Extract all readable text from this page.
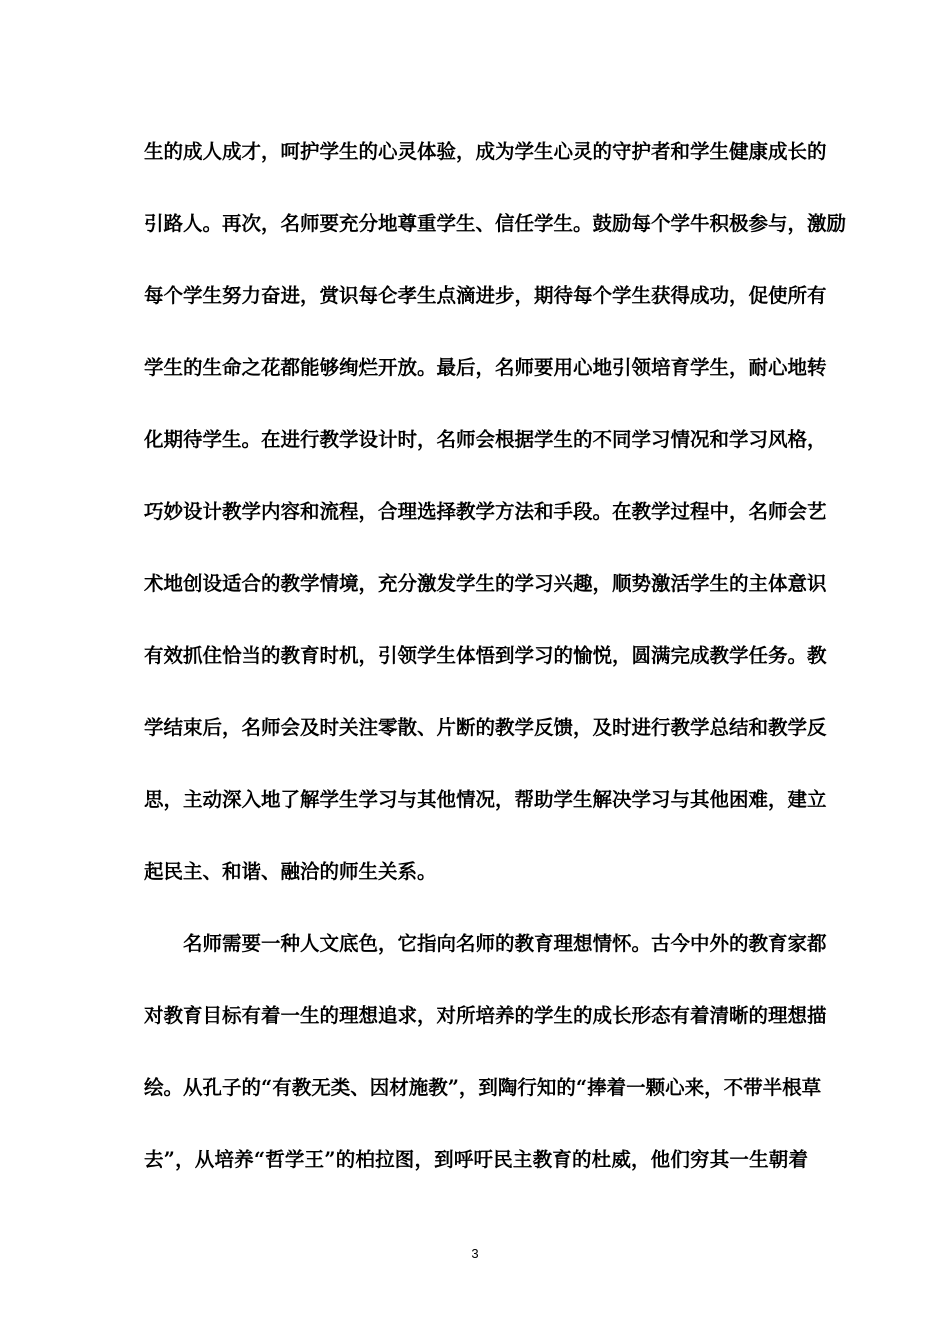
生的成人成才，呵护学生的心灵体验，成为学生心灵的守护者和学生健康成长的
引路人。再次，名师要充分地尊重学生、信任学生。鼓励每个学牛积极参与，激励
每个学生努力奋进，赏识每仑孝生点滴进步，期待每个学生获得成功，促使所有
学生的生命之花都能够绚烂开放。最后，名师要用心地引领培育学生，耐心地转
化期待学生。在进行教学设计时，名师会根据学生的不同学习情况和学习风格，
巧妙设计教学内容和流程，合理选择教学方法和手段。在教学过程中，名师会艺
术地创设适合的教学情境，充分激发学生的学习兴趣，顺势激活学生的主体意识
有效抓住恰当的教育时机，引领学生体悟到学习的愉悦，圆满完成教学任务。教
学结束后，名师会及时关注零散、片断的教学反馈，及时进行教学总结和教学反
思，主动深入地了解学生学习与其他情况，帮助学生解决学习与其他困难，建立
起民主、和谐、融洽的师生关系。
名师需要一种人文底色，它指向名师的教育理想情怀。古今中外的教育家都
对教育目标有着一生的理想追求，对所培养的学生的成长形态有着清晰的理想描
绘。从孔子的“有教无类、因材施教”，到陶行知的“捧着一颗心来，不带半根草
去”，从培养“哲学王”的柏拉图，到呼吁民主教育的杜威，他们穷其一生朝着
3
